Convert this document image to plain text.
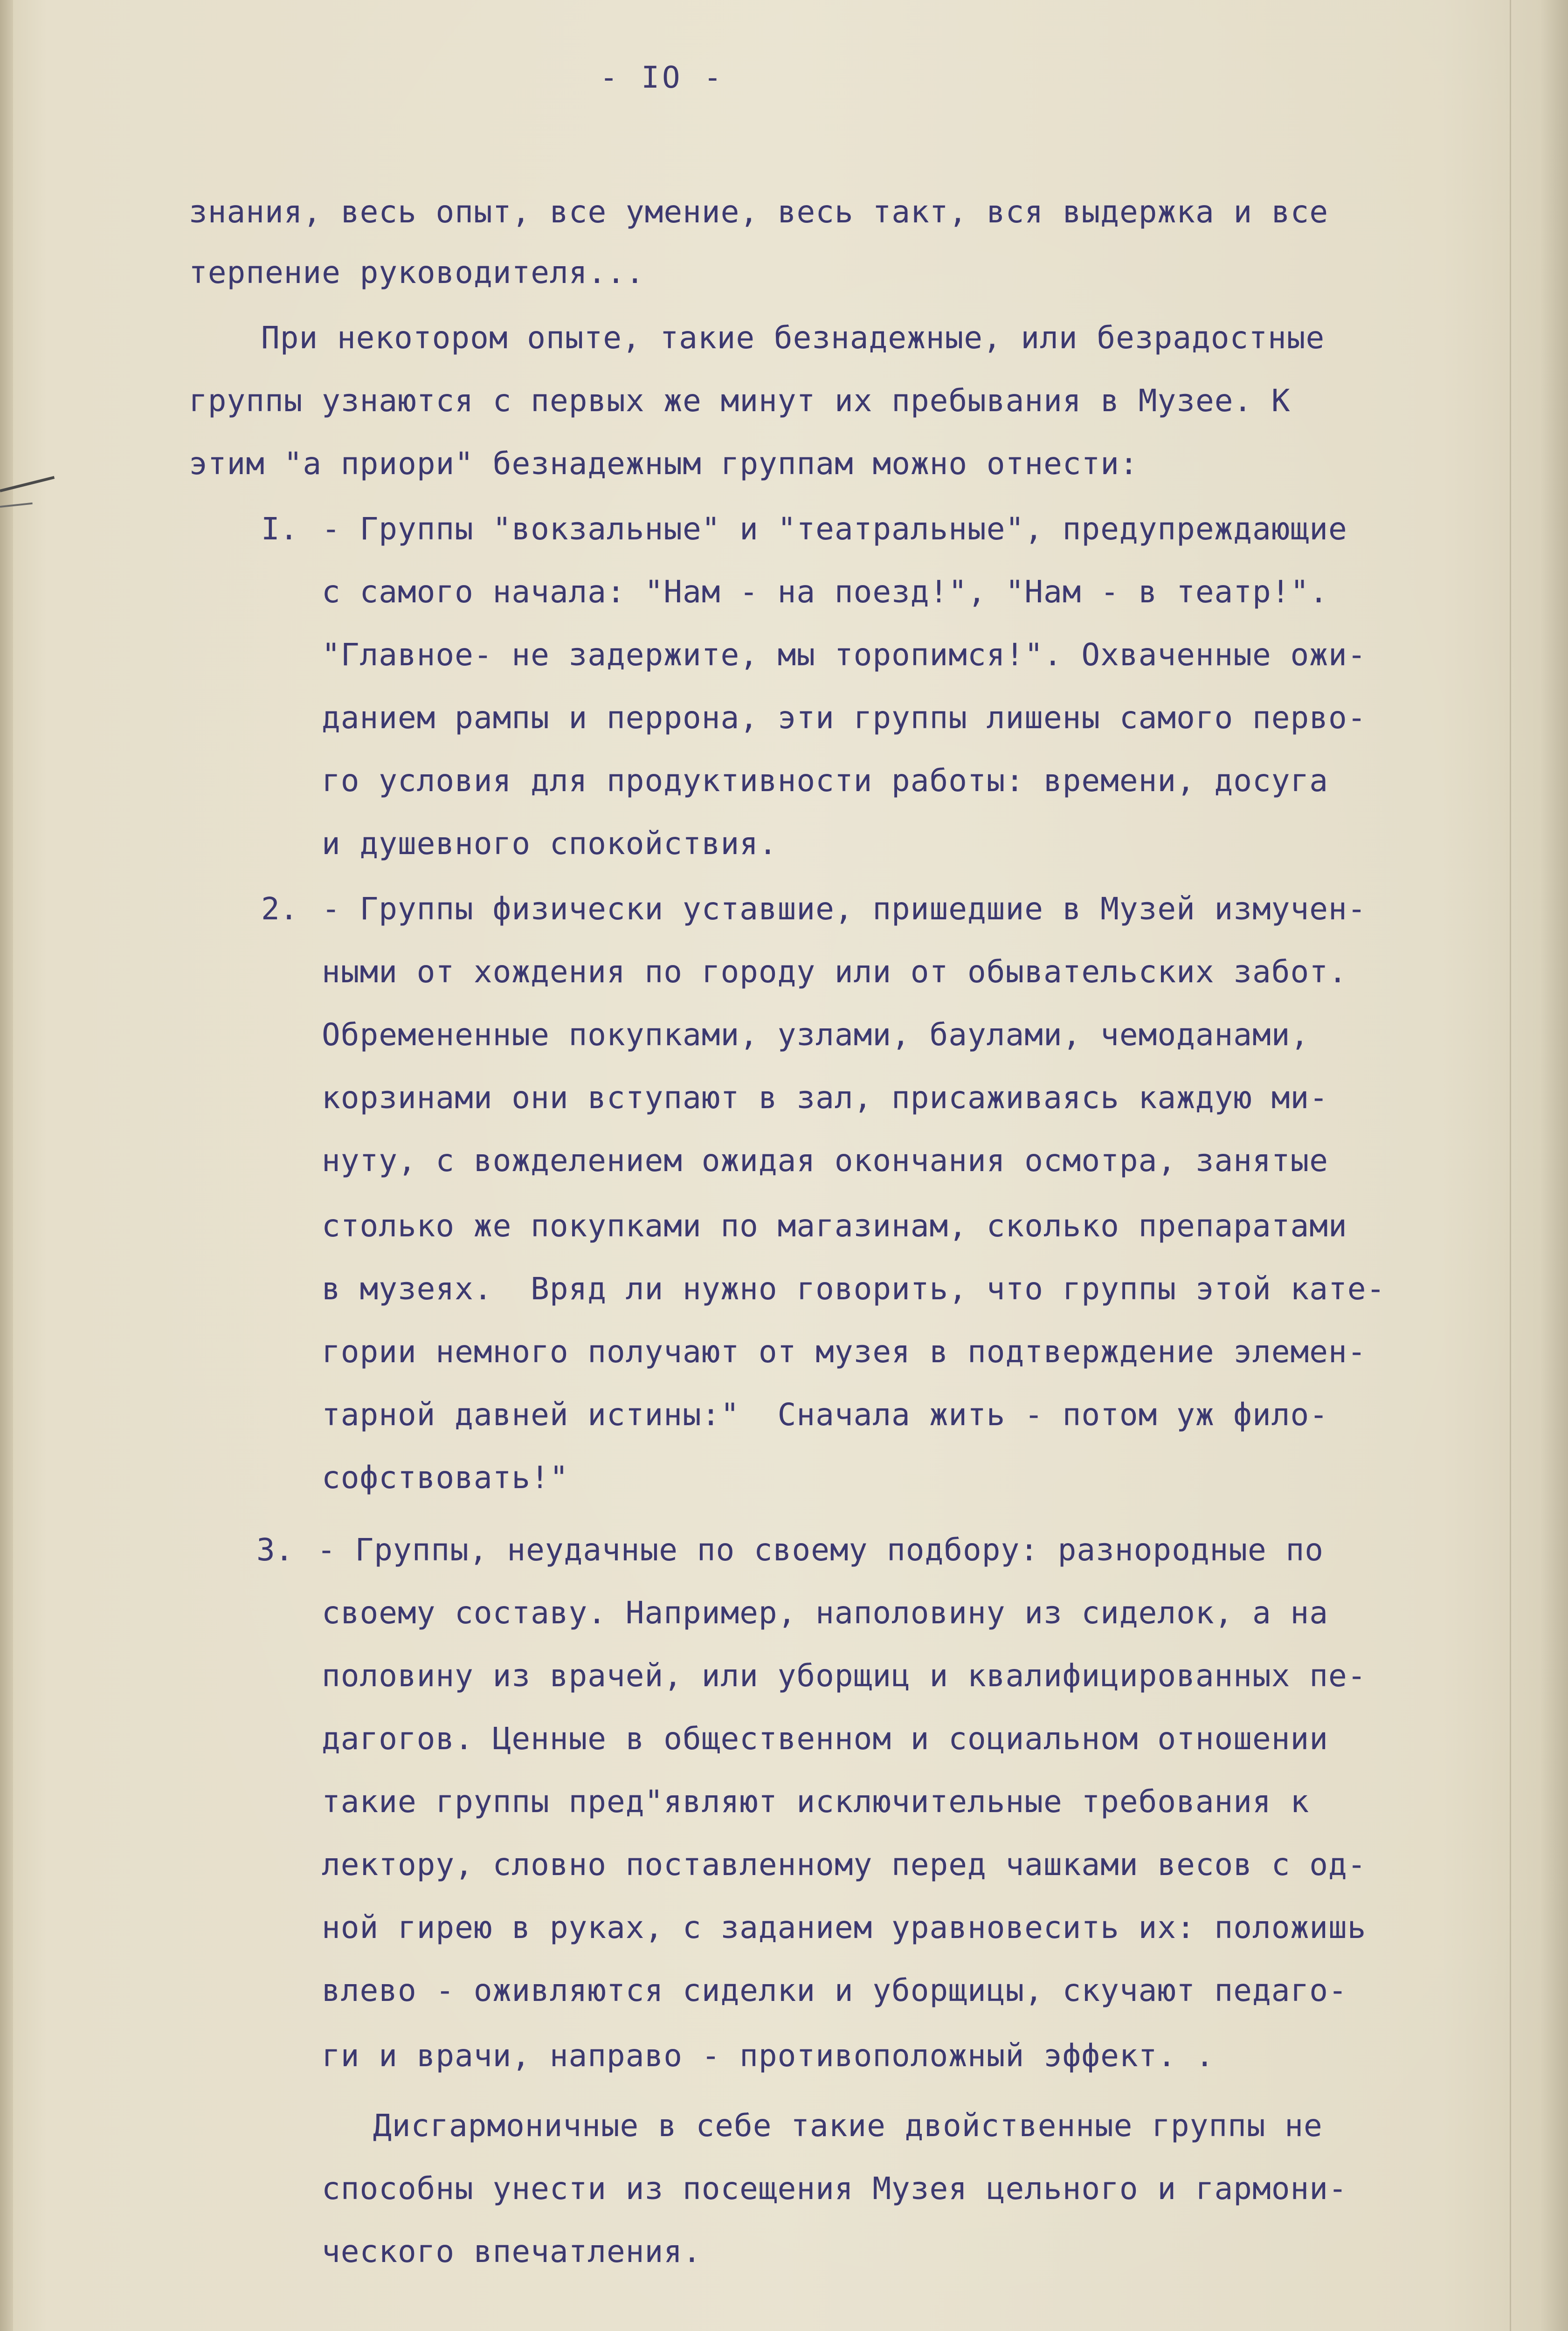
- IO -
знания, весь опыт, все умение, весь такт, вся выдержка и все
терпение руководителя...
При некотором опыте, такие безнадежные, или безрадостные
группы узнаются с первых же минут их пребывания в Музее. К
этим "а приори" безнадежным группам можно отнести:
I. - Группы "вокзальные" и "театральные", предупреждающие
с самого начала: "Нам - на поезд!", "Нам - в театр!".
"Главное- не задержите, мы торопимся!". Охваченные ожи-
данием рампы и перрона, эти группы лишены самого перво-
го условия для продуктивности работы: времени, досуга
и душевного спокойствия.
2. - Группы физически уставшие, пришедшие в Музей измучен-
ными от хождения по городу или от обывательских забот.
Обремененные покупками, узлами, баулами, чемоданами,
корзинами они вступают в зал, присаживаясь каждую ми-
нуту, с вожделением ожидая окончания осмотра, занятые
столько же покупками по магазинам, сколько препаратами
в музеях.  Вряд ли нужно говорить, что группы этой кате-
гории немного получают от музея в подтверждение элемен-
тарной давней истины:"  Сначала жить - потом уж фило-
софствовать!"
3. - Группы, неудачные по своему подбору: разнородные по
своему составу. Например, наполовину из сиделок, а на
половину из врачей, или уборщиц и квалифицированных пе-
дагогов. Ценные в общественном и социальном отношении
такие группы пред"являют исключительные требования к
лектору, словно поставленному перед чашками весов с од-
ной гирею в руках, с заданием уравновесить их: положишь
влево - оживляются сиделки и уборщицы, скучают педаго-
ги и врачи, направо - противоположный эффект. .
Дисгармоничные в себе такие двойственные группы не
способны унести из посещения Музея цельного и гармони-
ческого впечатления.
